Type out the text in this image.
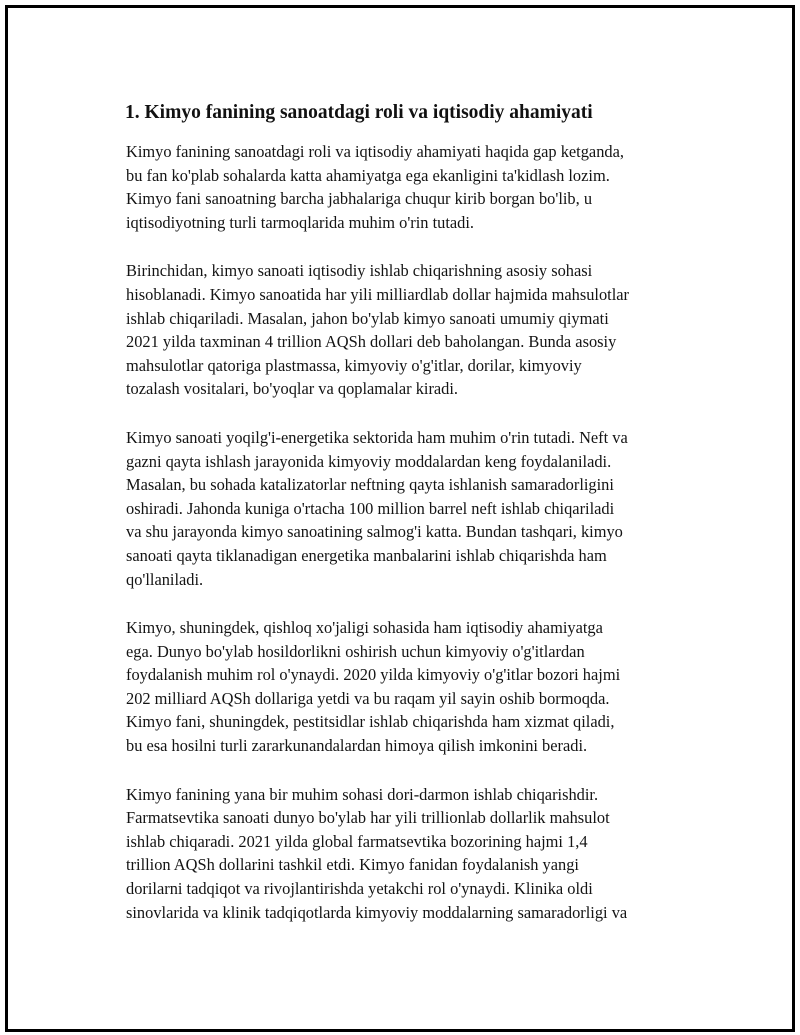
1. Kimyo fanining sanoatdagi roli va iqtisodiy ahamiyati

Kimyo fanining sanoatdagi roli va iqtisodiy ahamiyati haqida gap ketganda,
bu fan ko'plab sohalarda katta ahamiyatga ega ekanligini ta'kidlash lozim.
Kimyo fani sanoatning barcha jabhalariga chuqur kirib borgan bo'lib, u
iqtisodiyotning turli tarmoqlarida muhim o'rin tutadi.

Birinchidan, kimyo sanoati iqtisodiy ishlab chiqarishning asosiy sohasi
hisoblanadi. Kimyo sanoatida har yili milliardlab dollar hajmida mahsulotlar
ishlab chiqariladi. Masalan, jahon bo'ylab kimyo sanoati umumiy qiymati
2021 yilda taxminan 4 trillion AQSh dollari deb baholangan. Bunda asosiy
mahsulotlar qatoriga plastmassa, kimyoviy o'g'itlar, dorilar, kimyoviy
tozalash vositalari, bo'yoqlar va qoplamalar kiradi.

Kimyo sanoati yoqilg'i-energetika sektorida ham muhim o'rin tutadi. Neft va
gazni qayta ishlash jarayonida kimyoviy moddalardan keng foydalaniladi.
Masalan, bu sohada katalizatorlar neftning qayta ishlanish samaradorligini
oshiradi. Jahonda kuniga o'rtacha 100 million barrel neft ishlab chiqariladi
va shu jarayonda kimyo sanoatining salmog'i katta. Bundan tashqari, kimyo
sanoati qayta tiklanadigan energetika manbalarini ishlab chiqarishda ham
qo'llaniladi.

Kimyo, shuningdek, qishloq xo'jaligi sohasida ham iqtisodiy ahamiyatga
ega. Dunyo bo'ylab hosildorlikni oshirish uchun kimyoviy o'g'itlardan
foydalanish muhim rol o'ynaydi. 2020 yilda kimyoviy o'g'itlar bozori hajmi
202 milliard AQSh dollariga yetdi va bu raqam yil sayin oshib bormoqda.
Kimyo fani, shuningdek, pestitsidlar ishlab chiqarishda ham xizmat qiladi,
bu esa hosilni turli zararkunandalardan himoya qilish imkonini beradi.

Kimyo fanining yana bir muhim sohasi dori-darmon ishlab chiqarishdir.
Farmatsevtika sanoati dunyo bo'ylab har yili trillionlab dollarlik mahsulot
ishlab chiqaradi. 2021 yilda global farmatsevtika bozorining hajmi 1,4
trillion AQSh dollarini tashkil etdi. Kimyo fanidan foydalanish yangi
dorilarni tadqiqot va rivojlantirishda yetakchi rol o'ynaydi. Klinika oldi
sinovlarida va klinik tadqiqotlarda kimyoviy moddalarning samaradorligi va
